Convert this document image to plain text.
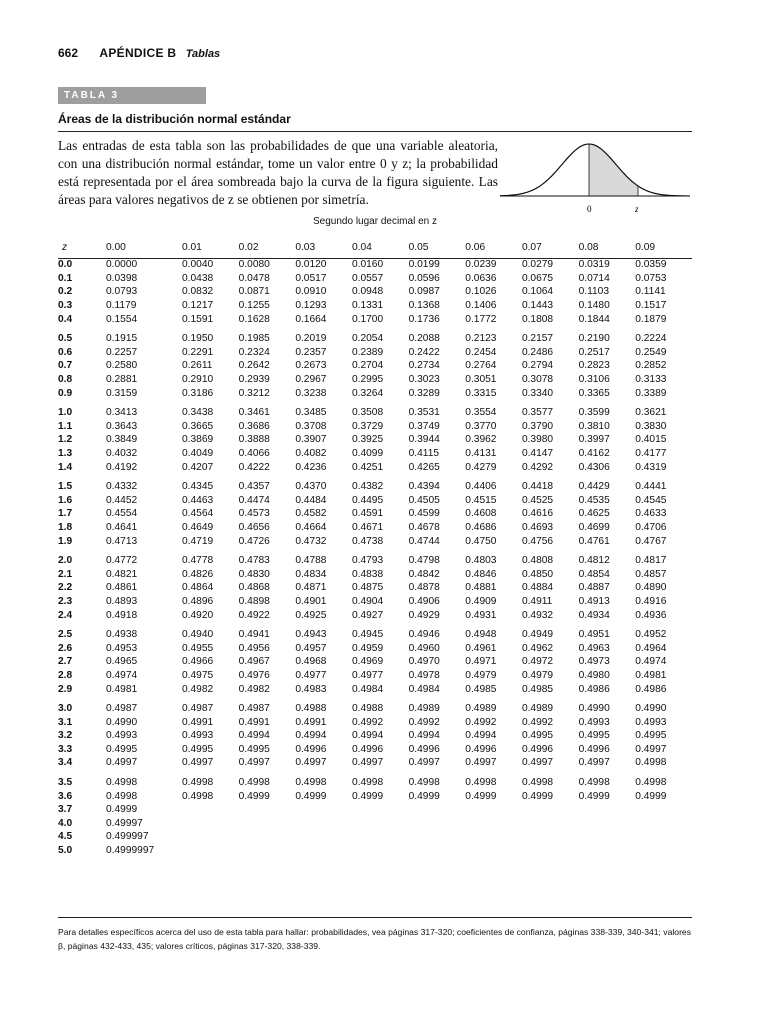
662 APÉNDICE B Tablas
TABLA 3
Áreas de la distribución normal estándar

Las entradas de esta tabla son las probabilidades de que una variable aleatoria, con una distribución normal estándar, tome un valor entre 0 y z; la probabilidad está representada por el área sombreada bajo la curva de la figura siguiente. Las áreas para valores negativos de z se obtienen por simetría.

0	z
Segundo lugar decimal en z
z	0.00	0.01	0.02	0.03	0.04	0.05	0.06	0.07	0.08	0.09
0.0	0.0000	0.0040	0.0080	0.0120	0.0160	0.0199	0.0239	0.0279	0.0319	0.0359
0.1	0.0398	0.0438	0.0478	0.0517	0.0557	0.0596	0.0636	0.0675	0.0714	0.0753
0.2	0.0793	0.0832	0.0871	0.0910	0.0948	0.0987	0.1026	0.1064	0.1103	0.1141
0.3	0.1179	0.1217	0.1255	0.1293	0.1331	0.1368	0.1406	0.1443	0.1480	0.1517
0.4	0.1554	0.1591	0.1628	0.1664	0.1700	0.1736	0.1772	0.1808	0.1844	0.1879

0.5	0.1915	0.1950	0.1985	0.2019	0.2054	0.2088	0.2123	0.2157	0.2190	0.2224
0.6	0.2257	0.2291	0.2324	0.2357	0.2389	0.2422	0.2454	0.2486	0.2517	0.2549
0.7	0.2580	0.2611	0.2642	0.2673	0.2704	0.2734	0.2764	0.2794	0.2823	0.2852
0.8	0.2881	0.2910	0.2939	0.2967	0.2995	0.3023	0.3051	0.3078	0.3106	0.3133
0.9	0.3159	0.3186	0.3212	0.3238	0.3264	0.3289	0.3315	0.3340	0.3365	0.3389

1.0	0.3413	0.3438	0.3461	0.3485	0.3508	0.3531	0.3554	0.3577	0.3599	0.3621
1.1	0.3643	0.3665	0.3686	0.3708	0.3729	0.3749	0.3770	0.3790	0.3810	0.3830
1.2	0.3849	0.3869	0.3888	0.3907	0.3925	0.3944	0.3962	0.3980	0.3997	0.4015
1.3	0.4032	0.4049	0.4066	0.4082	0.4099	0.4115	0.4131	0.4147	0.4162	0.4177
1.4	0.4192	0.4207	0.4222	0.4236	0.4251	0.4265	0.4279	0.4292	0.4306	0.4319

1.5	0.4332	0.4345	0.4357	0.4370	0.4382	0.4394	0.4406	0.4418	0.4429	0.4441
1.6	0.4452	0.4463	0.4474	0.4484	0.4495	0.4505	0.4515	0.4525	0.4535	0.4545
1.7	0.4554	0.4564	0.4573	0.4582	0.4591	0.4599	0.4608	0.4616	0.4625	0.4633
1.8	0.4641	0.4649	0.4656	0.4664	0.4671	0.4678	0.4686	0.4693	0.4699	0.4706
1.9	0.4713	0.4719	0.4726	0.4732	0.4738	0.4744	0.4750	0.4756	0.4761	0.4767

2.0	0.4772	0.4778	0.4783	0.4788	0.4793	0.4798	0.4803	0.4808	0.4812	0.4817
2.1	0.4821	0.4826	0.4830	0.4834	0.4838	0.4842	0.4846	0.4850	0.4854	0.4857
2.2	0.4861	0.4864	0.4868	0.4871	0.4875	0.4878	0.4881	0.4884	0.4887	0.4890
2.3	0.4893	0.4896	0.4898	0.4901	0.4904	0.4906	0.4909	0.4911	0.4913	0.4916
2.4	0.4918	0.4920	0.4922	0.4925	0.4927	0.4929	0.4931	0.4932	0.4934	0.4936

2.5	0.4938	0.4940	0.4941	0.4943	0.4945	0.4946	0.4948	0.4949	0.4951	0.4952
2.6	0.4953	0.4955	0.4956	0.4957	0.4959	0.4960	0.4961	0.4962	0.4963	0.4964
2.7	0.4965	0.4966	0.4967	0.4968	0.4969	0.4970	0.4971	0.4972	0.4973	0.4974
2.8	0.4974	0.4975	0.4976	0.4977	0.4977	0.4978	0.4979	0.4979	0.4980	0.4981
2.9	0.4981	0.4982	0.4982	0.4983	0.4984	0.4984	0.4985	0.4985	0.4986	0.4986

3.0	0.4987	0.4987	0.4987	0.4988	0.4988	0.4989	0.4989	0.4989	0.4990	0.4990
3.1	0.4990	0.4991	0.4991	0.4991	0.4992	0.4992	0.4992	0.4992	0.4993	0.4993
3.2	0.4993	0.4993	0.4994	0.4994	0.4994	0.4994	0.4994	0.4995	0.4995	0.4995
3.3	0.4995	0.4995	0.4995	0.4996	0.4996	0.4996	0.4996	0.4996	0.4996	0.4997
3.4	0.4997	0.4997	0.4997	0.4997	0.4997	0.4997	0.4997	0.4997	0.4997	0.4998

3.5	0.4998	0.4998	0.4998	0.4998	0.4998	0.4998	0.4998	0.4998	0.4998	0.4998
3.6	0.4998	0.4998	0.4999	0.4999	0.4999	0.4999	0.4999	0.4999	0.4999	0.4999
3.7	0.4999									
4.0	0.49997									
4.5	0.499997									
5.0	0.4999997									
Para detalles específicos acerca del uso de esta tabla para hallar: probabilidades, vea páginas 317-320; coeficientes de confianza, páginas 338-339, 340-341; valores β, páginas 432-433, 435; valores críticos, páginas 317-320, 338-339.
